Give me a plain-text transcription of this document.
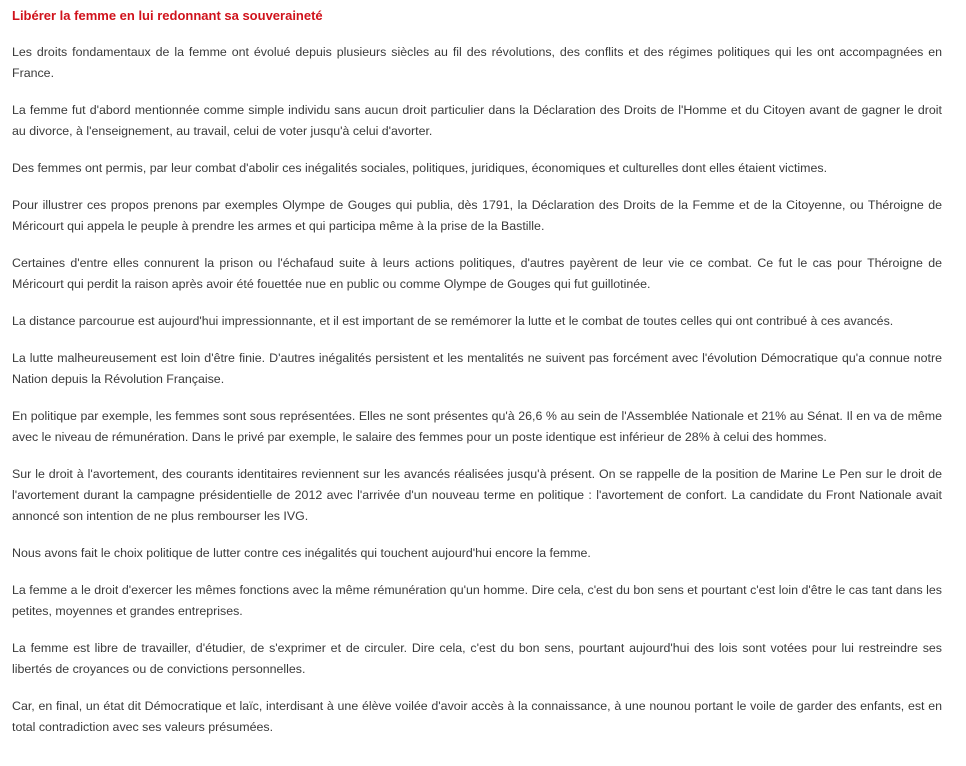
Libérer la femme en lui redonnant sa souveraineté

Les droits fondamentaux de la femme ont évolué depuis plusieurs siècles au fil des révolutions, des conflits et des régimes politiques qui les ont accompagnées en France.

La femme fut d'abord mentionnée comme simple individu sans aucun droit particulier dans la Déclaration des Droits de l'Homme et du Citoyen avant de gagner le droit au divorce, à l'enseignement, au travail, celui de voter jusqu'à celui d'avorter.

Des femmes ont permis, par leur combat d'abolir ces inégalités sociales, politiques, juridiques, économiques et culturelles dont elles étaient victimes.

Pour illustrer ces propos prenons par exemples Olympe de Gouges qui publia, dès 1791, la Déclaration des Droits de la Femme et de la Citoyenne, ou Théroigne de Méricourt qui appela le peuple à prendre les armes et qui participa même à la prise de la Bastille.

Certaines d'entre elles connurent la prison ou l'échafaud suite à leurs actions politiques, d'autres payèrent de leur vie ce combat. Ce fut le cas pour Théroigne de Méricourt qui perdit la raison après avoir été fouettée nue en public ou comme Olympe de Gouges qui fut guillotinée.

La distance parcourue est aujourd'hui impressionnante, et il est important de se remémorer la lutte et le combat de toutes celles qui ont contribué à ces avancés.

La lutte malheureusement est loin d'être finie. D'autres inégalités persistent et les mentalités ne suivent pas forcément avec l'évolution Démocratique qu'a connue notre Nation depuis la Révolution Française.

En politique par exemple, les femmes sont sous représentées. Elles ne sont présentes qu'à 26,6 % au sein de l'Assemblée Nationale et 21% au Sénat. Il en va de même avec le niveau de rémunération. Dans le privé par exemple, le salaire des femmes pour un poste identique est inférieur de 28% à celui des hommes.

Sur le droit à l'avortement, des courants identitaires reviennent sur les avancés réalisées jusqu'à présent. On se rappelle de la position de Marine Le Pen sur le droit de l'avortement durant la campagne présidentielle de 2012 avec l'arrivée d'un nouveau terme en politique : l'avortement de confort. La candidate du Front Nationale avait annoncé son intention de ne plus rembourser les IVG.

Nous avons fait le choix politique de lutter contre ces inégalités qui touchent aujourd'hui encore la femme.

La femme a le droit d'exercer les mêmes fonctions avec la même rémunération qu'un homme. Dire cela, c'est du bon sens et pourtant c'est loin d'être le cas tant dans les petites, moyennes et grandes entreprises.

La femme est libre de travailler, d'étudier, de s'exprimer et de circuler. Dire cela, c'est du bon sens, pourtant aujourd'hui des lois sont votées pour lui restreindre ses libertés de croyances ou de convictions personnelles.

Car, en final, un état dit Démocratique et laïc, interdisant à une élève voilée d'avoir accès à la connaissance, à une nounou portant le voile de garder des enfants, est en total contradiction avec ses valeurs présumées.
